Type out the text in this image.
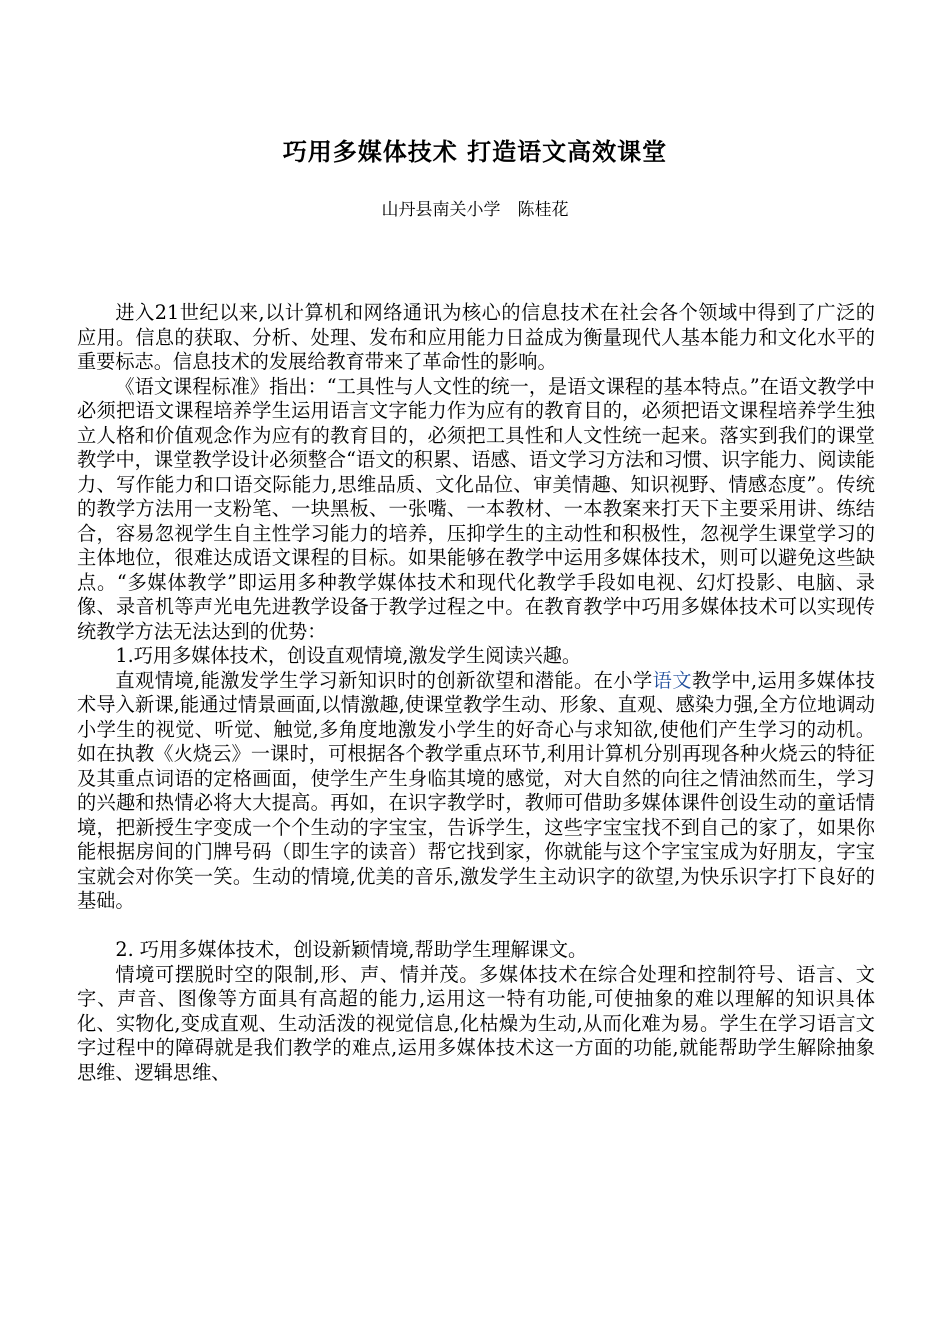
巧用多媒体技术 打造语文高效课堂
山丹县南关小学　陈桂花

进入21世纪以来,以计算机和网络通讯为核心的信息技术在社会各个领域中得到了广泛的应用。信息的获取、分析、处理、发布和应用能力日益成为衡量现代人基本能力和文化水平的重要标志。信息技术的发展给教育带来了革命性的影响。

《语文课程标准》指出：“工具性与人文性的统一，是语文课程的基本特点。”在语文教学中必须把语文课程培养学生运用语言文字能力作为应有的教育目的，必须把语文课程培养学生独立人格和价值观念作为应有的教育目的，必须把工具性和人文性统一起来。落实到我们的课堂教学中，课堂教学设计必须整合“语文的积累、语感、语文学习方法和习惯、识字能力、阅读能力、写作能力和口语交际能力,思维品质、文化品位、审美情趣、知识视野、情感态度”。传统的教学方法用一支粉笔、一块黑板、一张嘴、一本教材、一本教案来打天下主要采用讲、练结合，容易忽视学生自主性学习能力的培养，压抑学生的主动性和积极性，忽视学生课堂学习的主体地位，很难达成语文课程的目标。如果能够在教学中运用多媒体技术，则可以避免这些缺点。“多媒体教学”即运用多种教学媒体技术和现代化教学手段如电视、幻灯投影、电脑、录像、录音机等声光电先进教学设备于教学过程之中。在教育教学中巧用多媒体技术可以实现传统教学方法无法达到的优势：

1.巧用多媒体技术，创设直观情境,激发学生阅读兴趣。

直观情境,能激发学生学习新知识时的创新欲望和潜能。在小学语文教学中,运用多媒体技术导入新课,能通过情景画面,以情激趣,使课堂教学生动、形象、直观、感染力强,全方位地调动小学生的视觉、听觉、触觉,多角度地激发小学生的好奇心与求知欲,使他们产生学习的动机。如在执教《火烧云》一课时，可根据各个教学重点环节,利用计算机分别再现各种火烧云的特征及其重点词语的定格画面，使学生产生身临其境的感觉，对大自然的向往之情油然而生，学习的兴趣和热情必将大大提高。再如，在识字教学时，教师可借助多媒体课件创设生动的童话情境，把新授生字变成一个个生动的字宝宝，告诉学生，这些字宝宝找不到自己的家了，如果你能根据房间的门牌号码（即生字的读音）帮它找到家，你就能与这个字宝宝成为好朋友，字宝宝就会对你笑一笑。生动的情境,优美的音乐,激发学生主动识字的欲望,为快乐识字打下良好的基础。

2. 巧用多媒体技术，创设新颖情境,帮助学生理解课文。

情境可摆脱时空的限制,形、声、情并茂。多媒体技术在综合处理和控制符号、语言、文字、声音、图像等方面具有高超的能力,运用这一特有功能,可使抽象的难以理解的知识具体化、实物化,变成直观、生动活泼的视觉信息,化枯燥为生动,从而化难为易。学生在学习语言文字过程中的障碍就是我们教学的难点,运用多媒体技术这一方面的功能,就能帮助学生解除抽象思维、逻辑思维、
